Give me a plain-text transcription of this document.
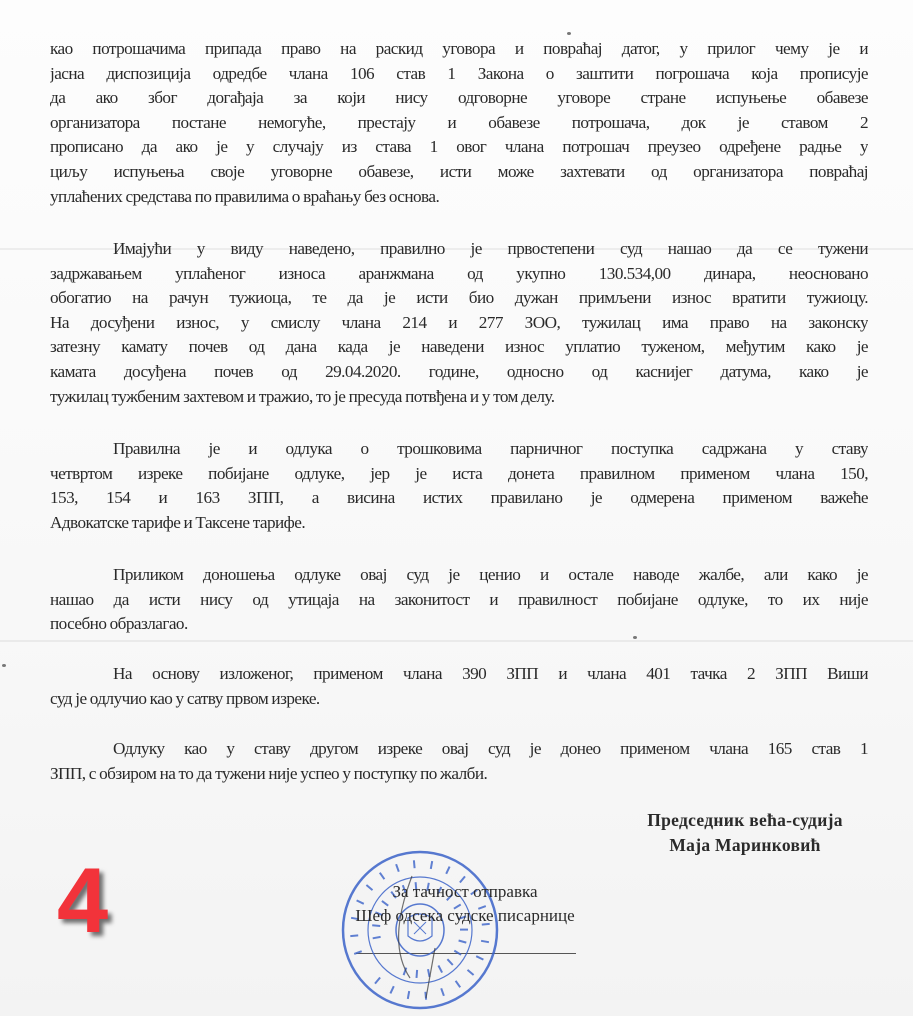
као потрошачима припада право на раскид уговора и повраћај датог, у прилог чему је и
јасна диспозиција одредбе члана 106 став 1 Закона о заштити погрошача која прописује
да ако због догађаја за који нису одговорне уговоре стране испуњење обавезе
организатора постане немогуће, престају и обавезе потрошача, док је ставом 2
прописано да ако је у случају из става 1 овог члана потрошач преузео одређене радње у
циљу испуњења своје уговорне обавезе, исти може захтевати од организатора повраћај
уплаћених средстава по правилима о враћању без основа.
Имајући у виду наведено, правилно је првостепени суд нашао да се тужени
задржавањем уплаћеног износа аранжмана од укупно 130.534,00 динара, неосновано
обогатио на рачун тужиоца, те да је исти био дужан примљени износ вратити тужиоцу.
На досуђени износ, у смислу члана 214 и 277 ЗОО, тужилац има право на законску
затезну камату почев од дана када је наведени износ уплатио туженом, међутим како је
камата досуђена почев од 29.04.2020. године, односно од каснијег датума, како је
тужилац тужбеним захтевом и тражио, то је пресуда потвђена и у том делу.
Правилна је и одлука о трошковима парничног поступка садржана у ставу
четвртом изреке побијане одлуке, јер је иста донета правилном применом члана 150,
153, 154 и 163 ЗПП, а висина истих правилано је одмерена применом важеће
Адвокатске тарифе и Таксене тарифе.
Приликом доношења одлуке овај суд је ценио и остале наводе жалбе, али како је
нашао да исти нису од утицаја на законитост и правилност побијане одлуке, то их није
посебно образлагао.
На основу изложеног, применом члана 390 ЗПП и члана 401 тачка 2 ЗПП Виши
суд је одлучио као у сатву првом изреке.
Одлуку као у ставу другом изреке овај суд је донео применом члана 165 став 1
ЗПП, с обзиром на то да тужени није успео у поступку по жалби.
Председник већа-судија
Маја Маринковић
За тачност отправка
Шеф одсека судске писарнице
4
